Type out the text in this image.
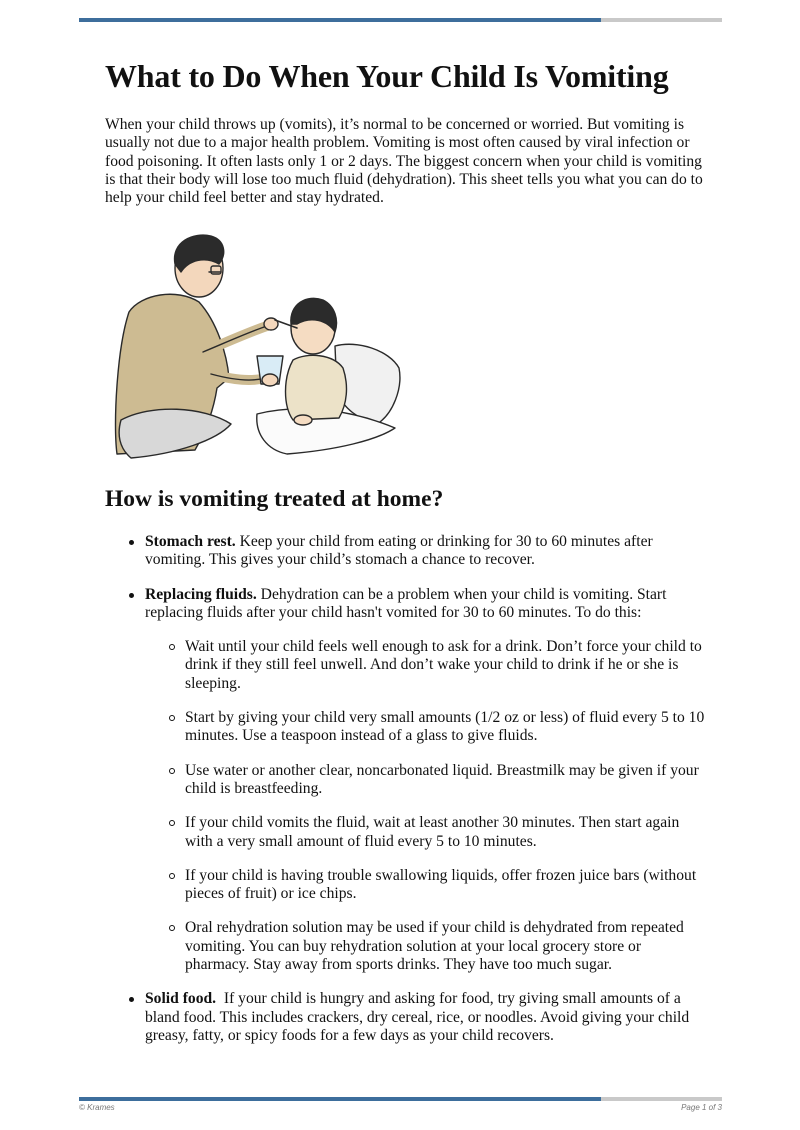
What to Do When Your Child Is Vomiting

When your child throws up (vomits), it’s normal to be concerned or worried. But vomiting is usually not due to a major health problem. Vomiting is most often caused by viral infection or food poisoning. It often lasts only 1 or 2 days. The biggest concern when your child is vomiting is that their body will lose too much fluid (dehydration). This sheet tells you what you can do to help your child feel better and stay hydrated.

How is vomiting treated at home?
Stomach rest. Keep your child from eating or drinking for 30 to 60 minutes after vomiting. This gives your child’s stomach a chance to recover.
Replacing fluids. Dehydration can be a problem when your child is vomiting. Start replacing fluids after your child hasn't vomited for 30 to 60 minutes. To do this:
Wait until your child feels well enough to ask for a drink. Don’t force your child to drink if they still feel unwell. And don’t wake your child to drink if he or she is sleeping.
Start by giving your child very small amounts (1/2 oz or less) of fluid every 5 to 10 minutes. Use a teaspoon instead of a glass to give fluids.
Use water or another clear, noncarbonated liquid. Breastmilk may be given if your child is breastfeeding.
If your child vomits the fluid, wait at least another 30 minutes. Then start again with a very small amount of fluid every 5 to 10 minutes.
If your child is having trouble swallowing liquids, offer frozen juice bars (without pieces of fruit) or ice chips.
Oral rehydration solution may be used if your child is dehydrated from repeated vomiting. You can buy rehydration solution at your local grocery store or pharmacy. Stay away from sports drinks. They have too much sugar.
Solid food.  If your child is hungry and asking for food, try giving small amounts of a bland food. This includes crackers, dry cereal, rice, or noodles. Avoid giving your child greasy, fatty, or spicy foods for a few days as your child recovers.
© Krames	Page 1 of 3
